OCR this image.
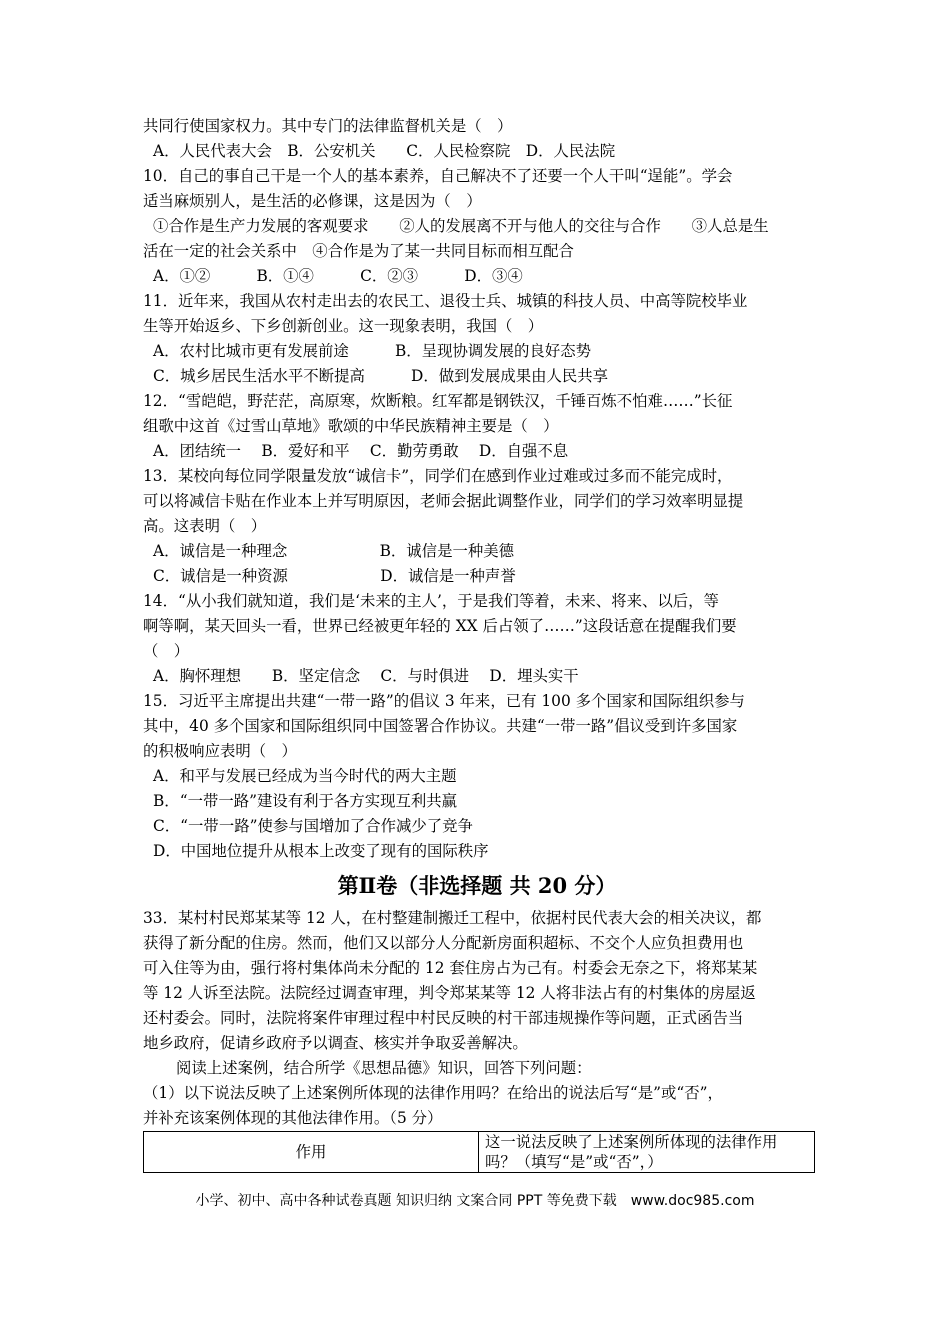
共同行使国家权力。其中专门的法律监督机关是（　）
A．人民代表大会　B．公安机关　　C．人民检察院　D．人民法院
10．自己的事自己干是一个人的基本素养，自己解决不了还要一个人干叫“逞能”。学会
适当麻烦别人，是生活的必修课，这是因为（　）
①合作是生产力发展的客观要求　　②人的发展离不开与他人的交往与合作　　③人总是生
活在一定的社会关系中　④合作是为了某一共同目标而相互配合
A．①②　　　B．①④　　　C．②③　　　D．③④
11．近年来，我国从农村走出去的农民工、退役士兵、城镇的科技人员、中高等院校毕业
生等开始返乡、下乡创新创业。这一现象表明，我国（　）
A．农村比城市更有发展前途　　　B．呈现协调发展的良好态势
C．城乡居民生活水平不断提高　　　D．做到发展成果由人民共享
12．“雪皑皑，野茫茫，高原寒，炊断粮。红军都是钢铁汉，千锤百炼不怕难……”长征
组歌中这首《过雪山草地》歌颂的中华民族精神主要是（　）
A．团结统一　 B．爱好和平　 C．勤劳勇敢　 D．自强不息
13．某校向每位同学限量发放“诚信卡”，同学们在感到作业过难或过多而不能完成时，
可以将减信卡贴在作业本上并写明原因，老师会据此调整作业，同学们的学习效率明显提
高。这表明（　）
A．诚信是一种理念　　　　　　B．诚信是一种美德
C．诚信是一种资源　　　　　　D．诚信是一种声誉
14．“从小我们就知道，我们是‘未来的主人’，于是我们等着，未来、将来、以后，等
啊等啊，某天回头一看，世界已经被更年轻的 XX 后占领了……”这段话意在提醒我们要
（　）
A．胸怀理想　　B．坚定信念　 C．与时俱进　 D．埋头实干
15．习近平主席提出共建“一带一路”的倡议 3 年来，已有 100 多个国家和国际组织参与
其中，40 多个国家和国际组织同中国签署合作协议。共建“一带一路”倡议受到许多国家
的积极响应表明（　）
A．和平与发展已经成为当今时代的两大主题
B．“一带一路”建设有利于各方实现互利共赢
C．“一带一路”使参与国增加了合作减少了竞争
D．中国地位提升从根本上改变了现有的国际秩序
第Ⅱ卷（非选择题 共 20 分）
33．某村村民郑某某等 12 人，在村整建制搬迁工程中，依据村民代表大会的相关决议，都
获得了新分配的住房。然而，他们又以部分人分配新房面积超标、不交个人应负担费用也
可入住等为由，强行将村集体尚未分配的 12 套住房占为己有。村委会无奈之下，将郑某某
等 12 人诉至法院。法院经过调查审理，判令郑某某等 12 人将非法占有的村集体的房屋返
还村委会。同时，法院将案件审理过程中村民反映的村干部违规操作等问题，正式函告当
地乡政府，促请乡政府予以调查、核实并争取妥善解决。
阅读上述案例，结合所学《思想品德》知识，回答下列问题：
（1）以下说法反映了上述案例所体现的法律作用吗？在给出的说法后写“是”或“否”，
并补充该案例体现的其他法律作用。（5 分）
作用	这一说法反映了上述案例所体现的法律作用吗？（填写“是”或“否”，）
小学、初中、高中各种试卷真题 知识归纳 文案合同 PPT 等免费下载　www.doc985.com
